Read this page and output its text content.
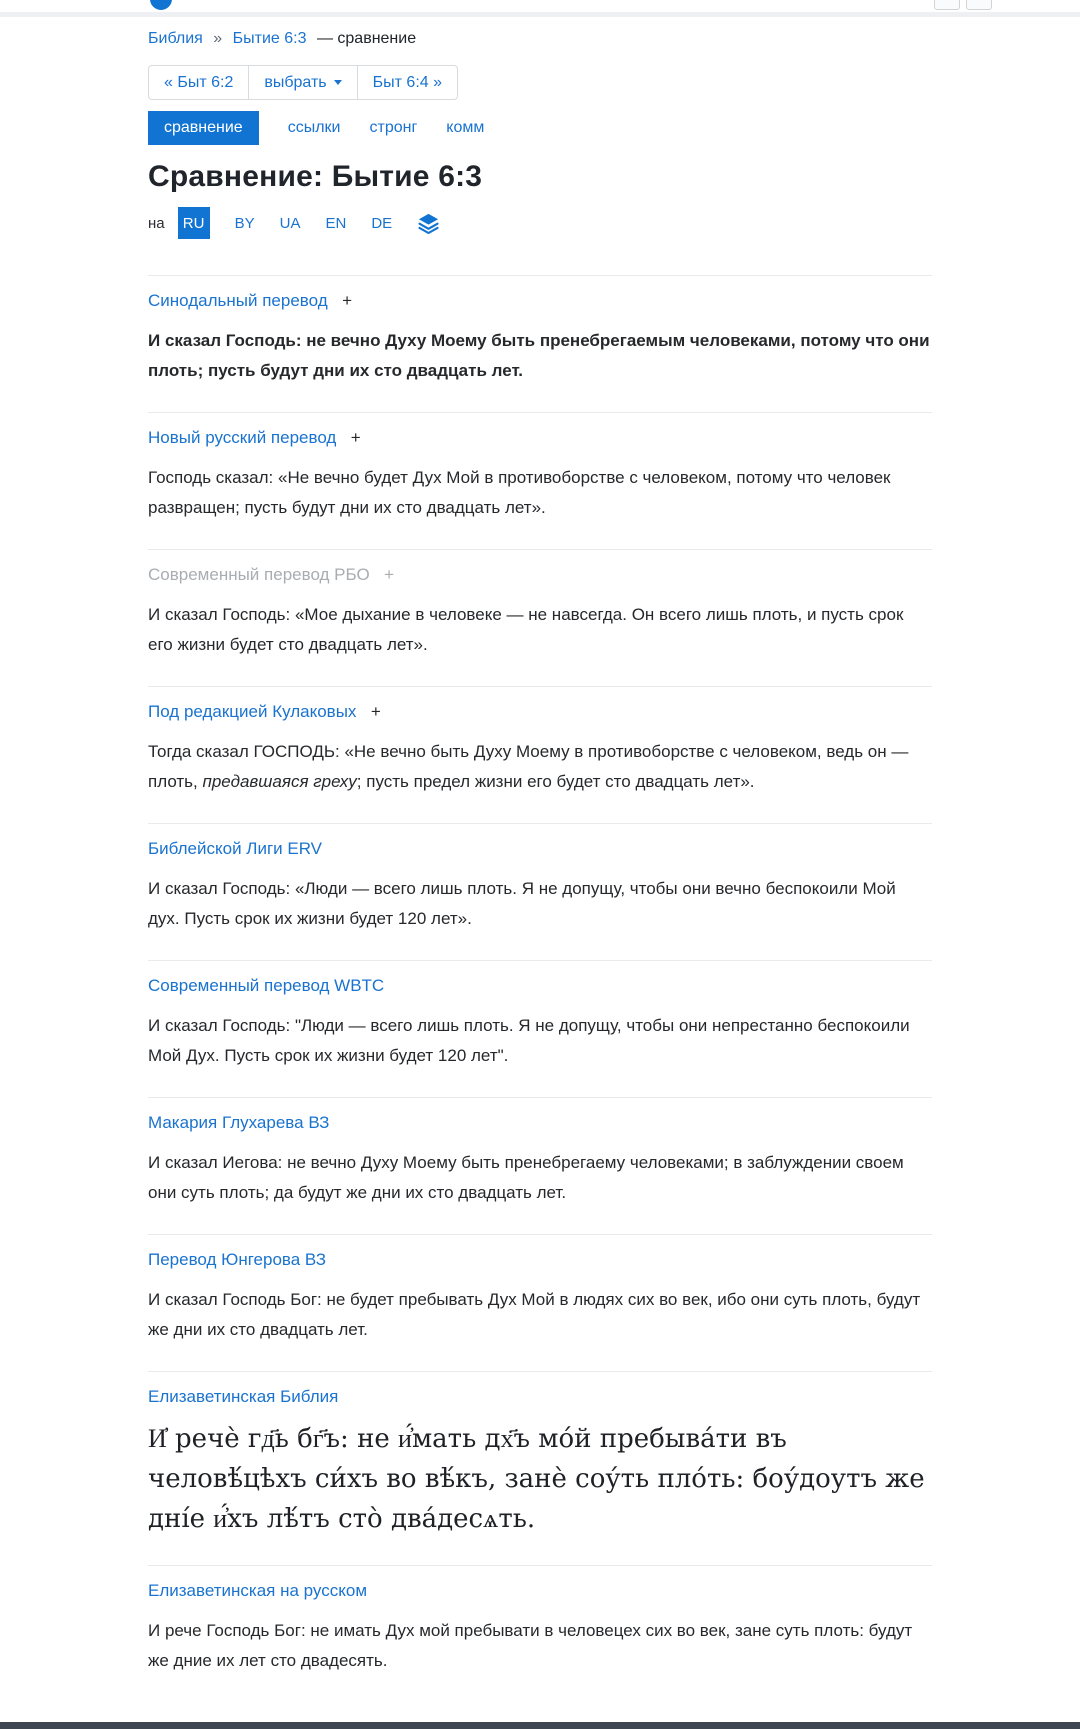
Библия » Бытие 6:3 — сравнение
« Быт 6:2	выбрать	Быт 6:4 »
сравнение	ссылки стронг комм
Сравнение: Бытие 6:3
на	RU	BY UA EN DE
Синодальный перевод +

И сказал Господь: не вечно Духу Моему быть пренебрегаемым человеками, потому что они плоть; пусть будут дни их сто двадцать лет.

Новый русский перевод +

Господь сказал: «Не вечно будет Дух Мой в противоборстве с человеком, потому что человек развращен; пусть будут дни их сто двадцать лет».

Современный перевод РБО +

И сказал Господь: «Мое дыхание в человеке — не навсегда. Он всего лишь плоть, и пусть срок его жизни будет сто двадцать лет».

Под редакцией Кулаковых +

Тогда сказал ГОСПОДЬ: «Не вечно быть Духу Моему в противоборстве с человеком, ведь он — плоть, предавшаяся греху; пусть предел жизни его будет сто двадцать лет».

Библейской Лиги ERV

И сказал Господь: «Люди — всего лишь плоть. Я не допущу, чтобы они вечно беспокоили Мой дух. Пусть срок их жизни будет 120 лет».

Современный перевод WBTC

И сказал Господь: "Люди — всего лишь плоть. Я не допущу, чтобы они непрестанно беспокоили Мой Дух. Пусть срок их жизни будет 120 лет".

Макария Глухарева ВЗ

И сказал Иегова: не вечно Духу Моему быть пренебрегаему человеками; в заблуждении своем они суть плоть; да будут же дни их сто двадцать лет.

Перевод Юнгерова ВЗ

И сказал Господь Бог: не будет пребывать Дух Мой в людях сих во век, ибо они суть плоть, будут же дни их сто двадцать лет.

Елизаветинская Библия

И҆ речѐ гд҃ь бг҃ъ: не и҆́мать дх҃ъ мо́й пребыва́ти въ человѣ́цѣхъ си́хъ во вѣ́къ, занѐ соу́ть пло́ть: боу́доутъ же дні́е и҆́хъ лѣ́тъ сто̀ два́десѧть.

Елизаветинская на русском

И рече Господь Бог: не имать Дух мой пребывати в человецех сих во век, зане суть плоть: будут же дние их лет сто двадесять.
